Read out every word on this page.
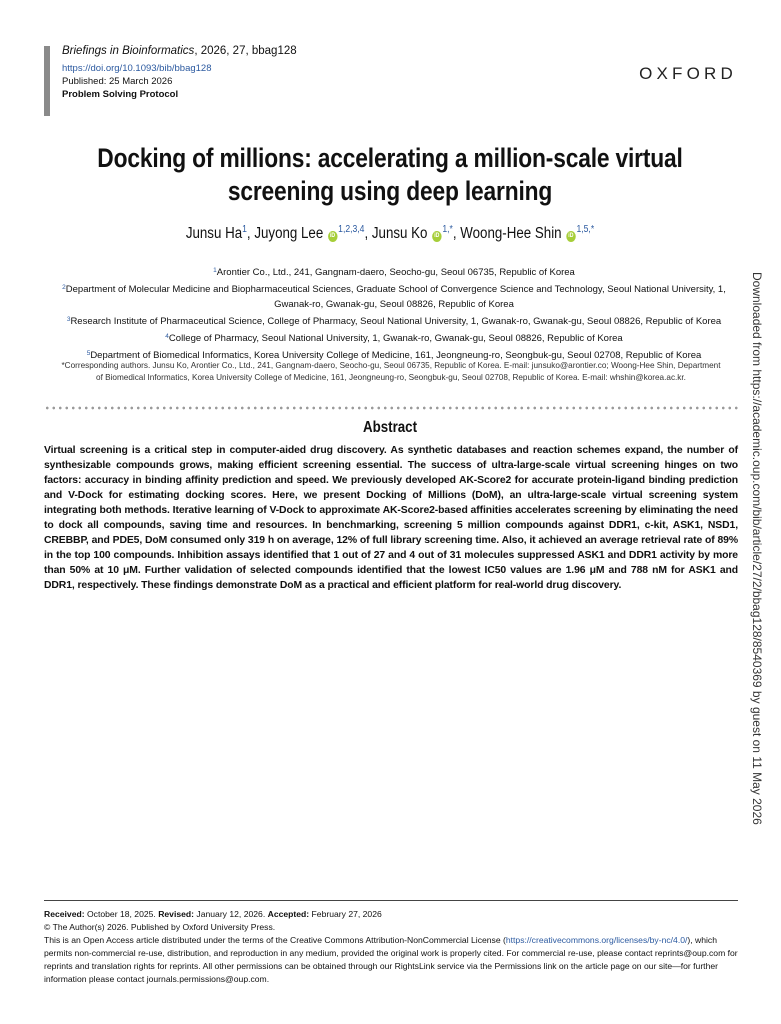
Briefings in Bioinformatics, 2026, 27, bbag128
https://doi.org/10.1093/bib/bbag128
Published: 25 March 2026
Problem Solving Protocol
OXFORD
Docking of millions: accelerating a million-scale virtual screening using deep learning
Junsu Ha$^1$, Juyong Lee iD$^{1,2,3,4}$, Junsu Ko $iD^{1,*}$, Woong-Hee Shin $iD^{1,5,*}$
$^1$Arontier Co., Ltd., 241, Gangnam-daero, Seocho-gu, Seoul 06735, Republic of Korea
$^2$Department of Molecular Medicine and Biopharmaceutical Sciences, Graduate School of Convergence Science and Technology, Seoul National University, 1, Gwanak-ro, Gwanak-gu, Seoul 08826, Republic of Korea
$^3$Research Institute of Pharmaceutical Science, College of Pharmacy, Seoul National University, 1, Gwanak-ro, Gwanak-gu, Seoul 08826, Republic of Korea
$^4$College of Pharmacy, Seoul National University, 1, Gwanak-ro, Gwanak-gu, Seoul 08826, Republic of Korea
$^5$Department of Biomedical Informatics, Korea University College of Medicine, 161, Jeongneung-ro, Seongbuk-gu, Seoul 02708, Republic of Korea
*Corresponding authors. Junsu Ko, Arontier Co., Ltd., 241, Gangnam-daero, Seocho-gu, Seoul 06735, Republic of Korea. E-mail: junsuko@arontier.co; Woong-Hee Shin, Department of Biomedical Informatics, Korea University College of Medicine, 161, Jeongneung-ro, Seongbuk-gu, Seoul 02708, Republic of Korea. E-mail: whshin@korea.ac.kr.
Abstract
Virtual screening is a critical step in computer-aided drug discovery. As synthetic databases and reaction schemes expand, the number of synthesizable compounds grows, making efficient screening essential. The success of ultra-large-scale virtual screening hinges on two factors: accuracy in binding affinity prediction and speed. We previously developed AK-Score2 for accurate protein-ligand binding prediction and V-Dock for estimating docking scores. Here, we present Docking of Millions (DoM), an ultra-large-scale virtual screening system integrating both methods. Iterative learning of V-Dock to approximate AK-Score2-based affinities accelerates screening by eliminating the need to dock all compounds, saving time and resources. In benchmarking, screening 5 million compounds against DDR1, c-kit, ASK1, NSD1, CREBBP, and PDE5, DoM consumed only 319 h on average, 12% of full library screening time. Also, it achieved an average retrieval rate of 89% in the top 100 compounds. Inhibition assays identified that 1 out of 27 and 4 out of 31 molecules suppressed ASK1 and DDR1 activity by more than 50% at 10 μM. Further validation of selected compounds identified that the lowest IC50 values are 1.96 μM and 788 nM for ASK1 and DDR1, respectively. These findings demonstrate DoM as a practical and efficient platform for real-world drug discovery.	Downloaded from https://academic.oup.com/bib/article/27/2/bbag128/8540369 by guest on 11 May 2026
Received: October 18, 2025. Revised: January 12, 2026. Accepted: February 27, 2026
© The Author(s) 2026. Published by Oxford University Press.
This is an Open Access article distributed under the terms of the Creative Commons Attribution-NonCommercial License (https://creativecommons.org/licenses/by-nc/4.0/), which permits non-commercial re-use, distribution, and reproduction in any medium, provided the original work is properly cited. For commercial re-use, please contact reprints@oup.com for reprints and translation rights for reprints. All other permissions can be obtained through our RightsLink service via the Permissions link on the article page on our site—for further information please contact journals.permissions@oup.com.
